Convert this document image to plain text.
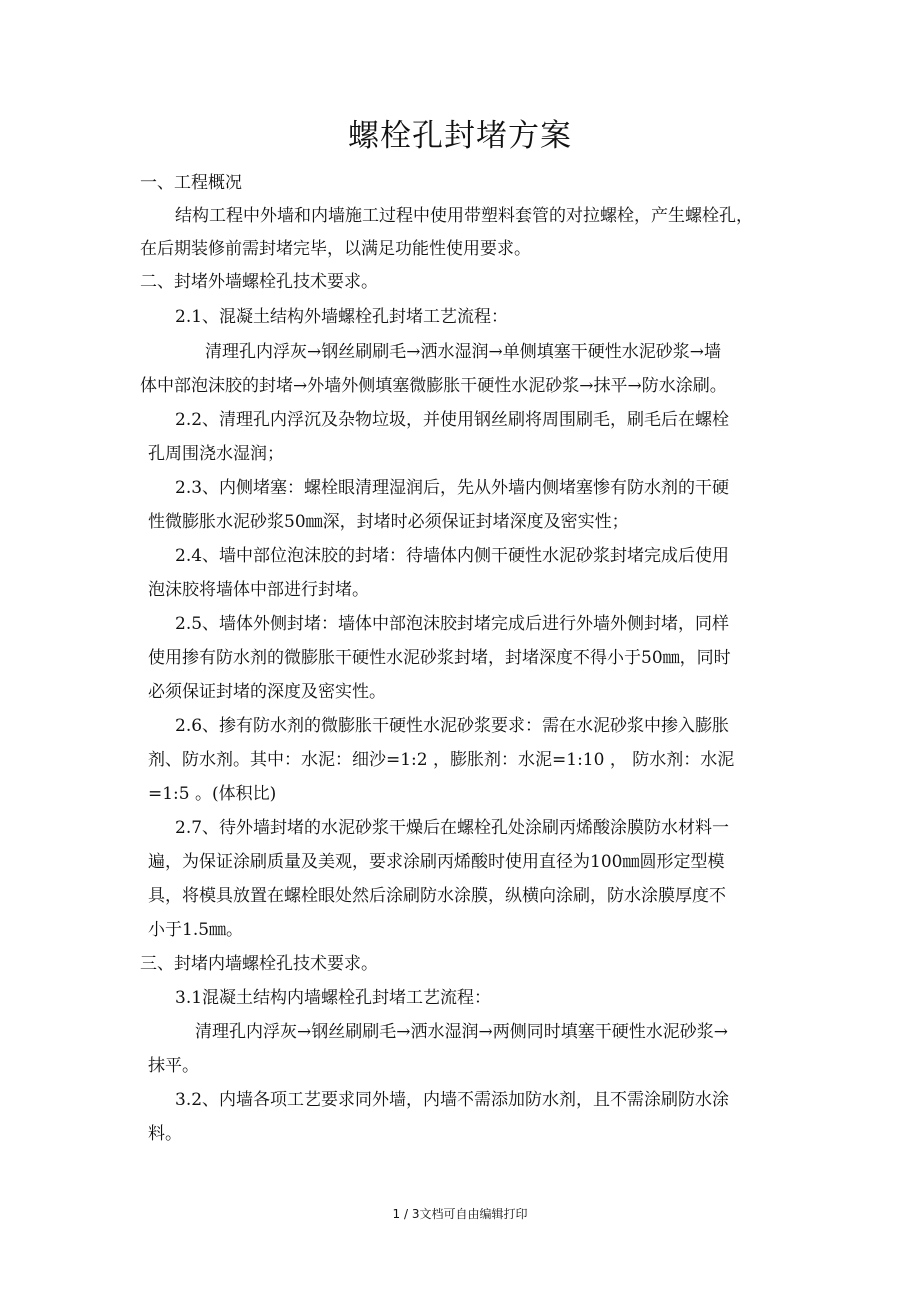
螺栓孔封堵方案
一、工程概况
结构工程中外墙和内墙施工过程中使用带塑料套管的对拉螺栓，产生螺栓孔，
在后期装修前需封堵完毕，以满足功能性使用要求。
二、封堵外墙螺栓孔技术要求。
2.1、混凝土结构外墙螺栓孔封堵工艺流程：
清理孔内浮灰→钢丝刷刷毛→洒水湿润→单侧填塞干硬性水泥砂浆→墙
体中部泡沫胶的封堵→外墙外侧填塞微膨胀干硬性水泥砂浆→抹平→防水涂刷。
2.2、清理孔内浮沉及杂物垃圾，并使用钢丝刷将周围刷毛，刷毛后在螺栓
孔周围浇水湿润；
2.3、内侧堵塞：螺栓眼清理湿润后，先从外墙内侧堵塞惨有防水剂的干硬
性微膨胀水泥砂浆50㎜深，封堵时必须保证封堵深度及密实性；
2.4、墙中部位泡沫胶的封堵：待墙体内侧干硬性水泥砂浆封堵完成后使用
泡沫胶将墙体中部进行封堵。
2.5、墙体外侧封堵：墙体中部泡沫胶封堵完成后进行外墙外侧封堵，同样
使用掺有防水剂的微膨胀干硬性水泥砂浆封堵，封堵深度不得小于50㎜，同时
必须保证封堵的深度及密实性。
2.6、掺有防水剂的微膨胀干硬性水泥砂浆要求：需在水泥砂浆中掺入膨胀
剂、防水剂。其中：水泥：细沙=1:2 ，膨胀剂：水泥=1:10 ， 防水剂：水泥
=1:5 。(体积比)
2.7、待外墙封堵的水泥砂浆干燥后在螺栓孔处涂刷丙烯酸涂膜防水材料一
遍，为保证涂刷质量及美观，要求涂刷丙烯酸时使用直径为100㎜圆形定型模
具，将模具放置在螺栓眼处然后涂刷防水涂膜，纵横向涂刷，防水涂膜厚度不
小于1.5㎜。
三、封堵内墙螺栓孔技术要求。
3.1混凝土结构内墙螺栓孔封堵工艺流程：
清理孔内浮灰→钢丝刷刷毛→洒水湿润→两侧同时填塞干硬性水泥砂浆→
抹平。
3.2、内墙各项工艺要求同外墙，内墙不需添加防水剂，且不需涂刷防水涂
料。
1 / 3文档可自由编辑打印
